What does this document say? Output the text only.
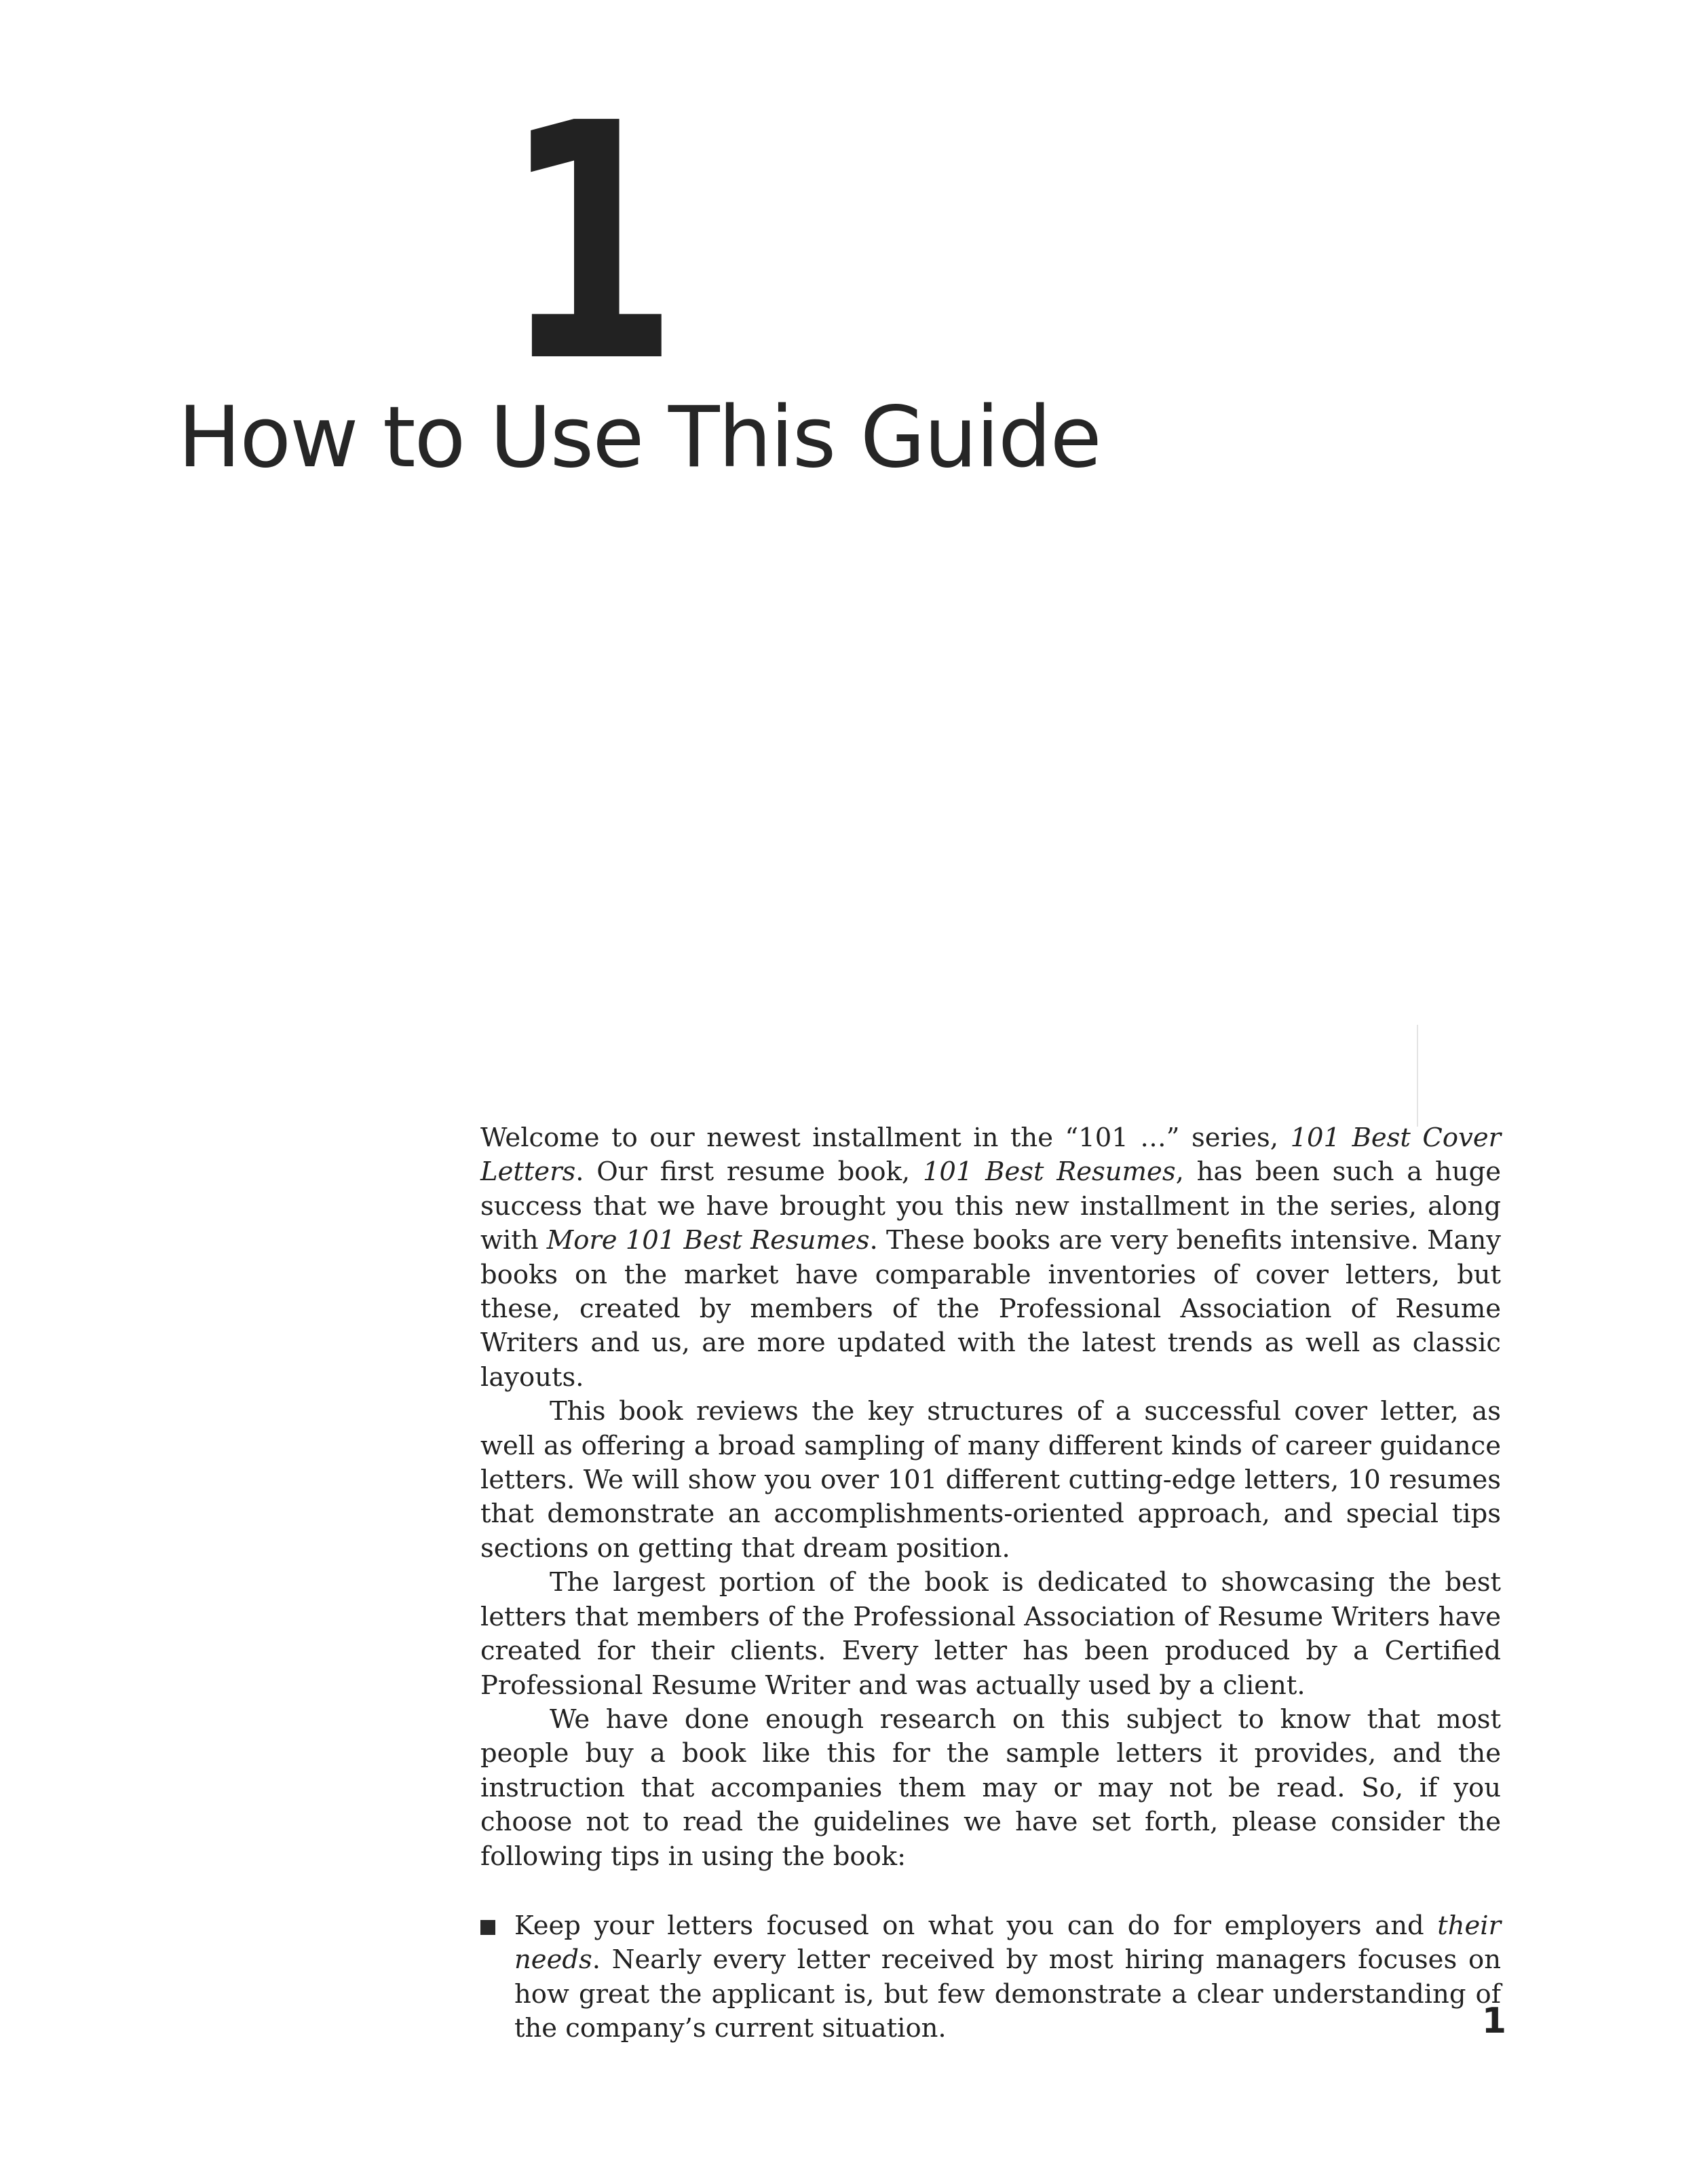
1
How to Use This Guide

Welcome to our newest installment in the “101 …” series, 101 Best Cover Letters. Our first resume book, 101 Best Resumes, has been such a huge success that we have brought you this new installment in the series, along with More 101 Best Resumes. These books are very benefits intensive. Many books on the market have comparable inventories of cover letters, but these, created by members of the Professional Association of Resume Writers and us, are more updated with the latest trends as well as classic layouts.

This book reviews the key structures of a successful cover letter, as well as offering a broad sampling of many different kinds of career guidance letters. We will show you over 101 different cutting-edge letters, 10 resumes that demonstrate an accomplishments-oriented approach, and special tips sections on getting that dream position.

The largest portion of the book is dedicated to showcasing the best letters that members of the Professional Association of Resume Writers have created for their clients. Every letter has been produced by a Certified Professional Resume Writer and was actually used by a client.

We have done enough research on this subject to know that most people buy a book like this for the sample letters it provides, and the instruction that accompanies them may or may not be read. So, if you choose not to read the guidelines we have set forth, please consider the following tips in using the book:

Keep your letters focused on what you can do for employers and their needs. Nearly every letter received by most hiring managers focuses on how great the applicant is, but few demonstrate a clear understanding of the company’s current situation.	1
